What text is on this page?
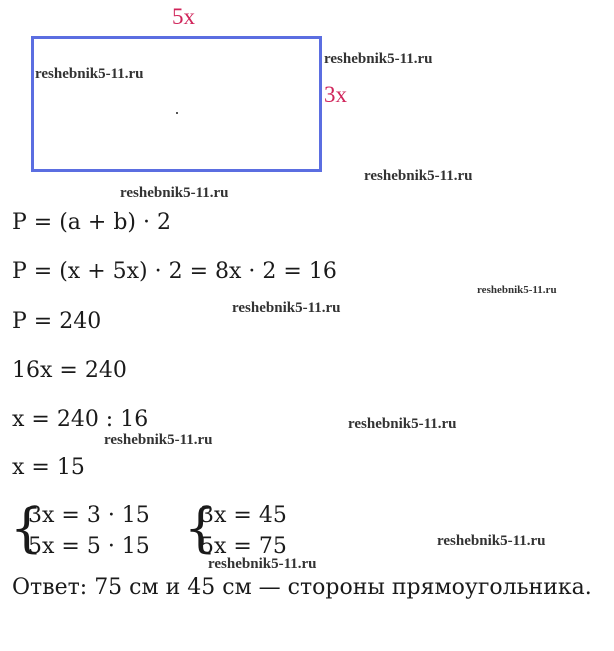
5x
3x
reshebnik5-11.ru
reshebnik5-11.ru
reshebnik5-11.ru
reshebnik5-11.ru
reshebnik5-11.ru
reshebnik5-11.ru
reshebnik5-11.ru
reshebnik5-11.ru
reshebnik5-11.ru
reshebnik5-11.ru
P = (a + b) · 2
P = (x + 5x) · 2 = 8x · 2 = 16
P = 240
16x = 240
x = 240 : 16
x = 15
{
3x = 3 · 15
5x = 5 · 15 {
3x = 45
5x = 75
Ответ: 75 см и 45 см — стороны прямоугольника.
